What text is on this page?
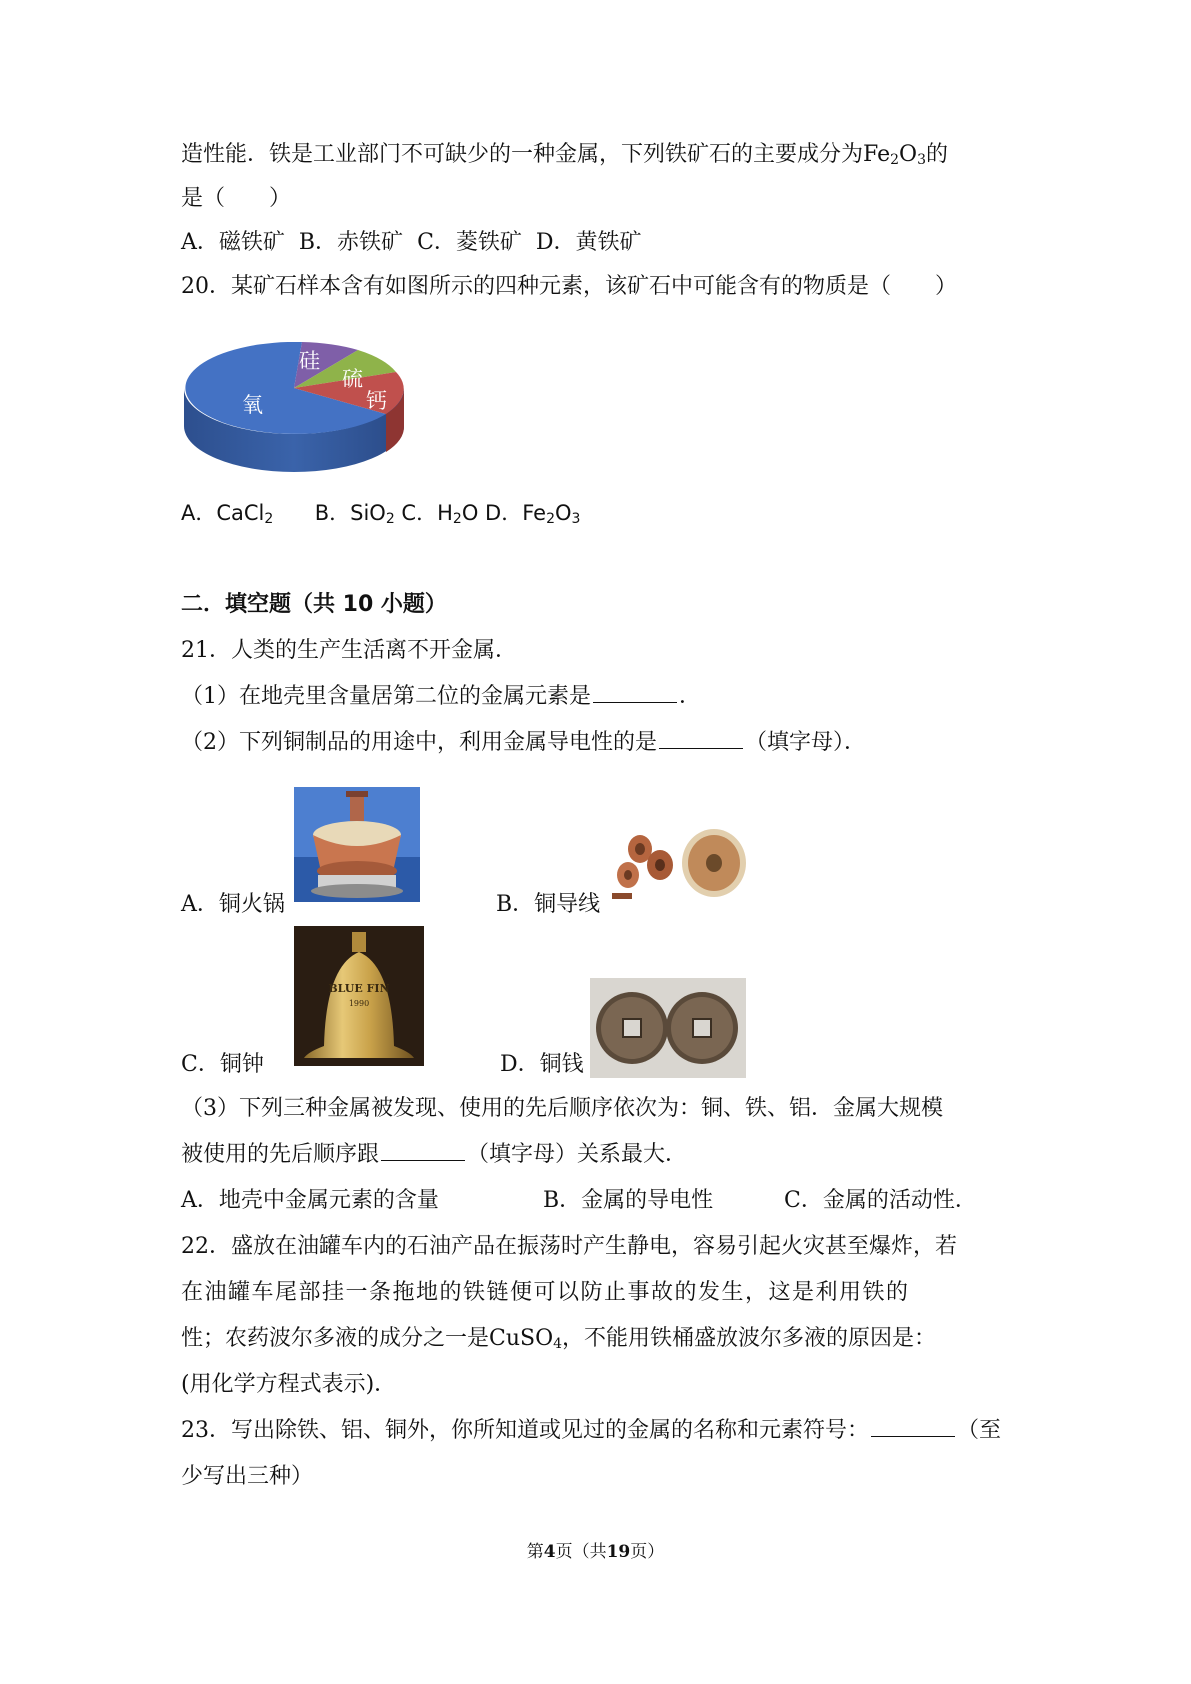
造性能．铁是工业部门不可缺少的一种金属，下列铁矿石的主要成分为$Fe_2O_3$的
是（　　）
A．磁铁矿 B．赤铁矿 C．菱铁矿 D．黄铁矿
20．某矿石样本含有如图所示的四种元素，该矿石中可能含有的物质是（　　）
氧
硅
硫
钙
A．CaCl$_2$ B．SiO$_2$ C．$H_2O$ D．$Fe_2O_3$
二．填空题（共 10 小题）
21．人类的生产生活离不开金属．
（1）在地壳里含量居第二位的金属元素是	．
（2）下列铜制品的用途中，利用金属导电性的是	（填字母）．
A．铜火锅	B．铜导线
BLUE FIN
1990
C．铜钟	D．铜钱
（3）下列三种金属被发现、使用的先后顺序依次为：铜、铁、铝．金属大规模
被使用的先后顺序跟	（填字母）关系最大．
A．地壳中金属元素的含量	B．金属的导电性	C．金属的活动性．
22．盛放在油罐车内的石油产品在振荡时产生静电，容易引起火灾甚至爆炸，若
在油罐车尾部挂一条拖地的铁链便可以防止事故的发生，这是利用铁的
性；农药波尔多液的成分之一是CuSO$_4$，不能用铁桶盛放波尔多液的原因是：
(用化学方程式表示)．
23．写出除铁、铝、铜外，你所知道或见过的金属的名称和元素符号：	（至
少写出三种）
第4页（共19页）
